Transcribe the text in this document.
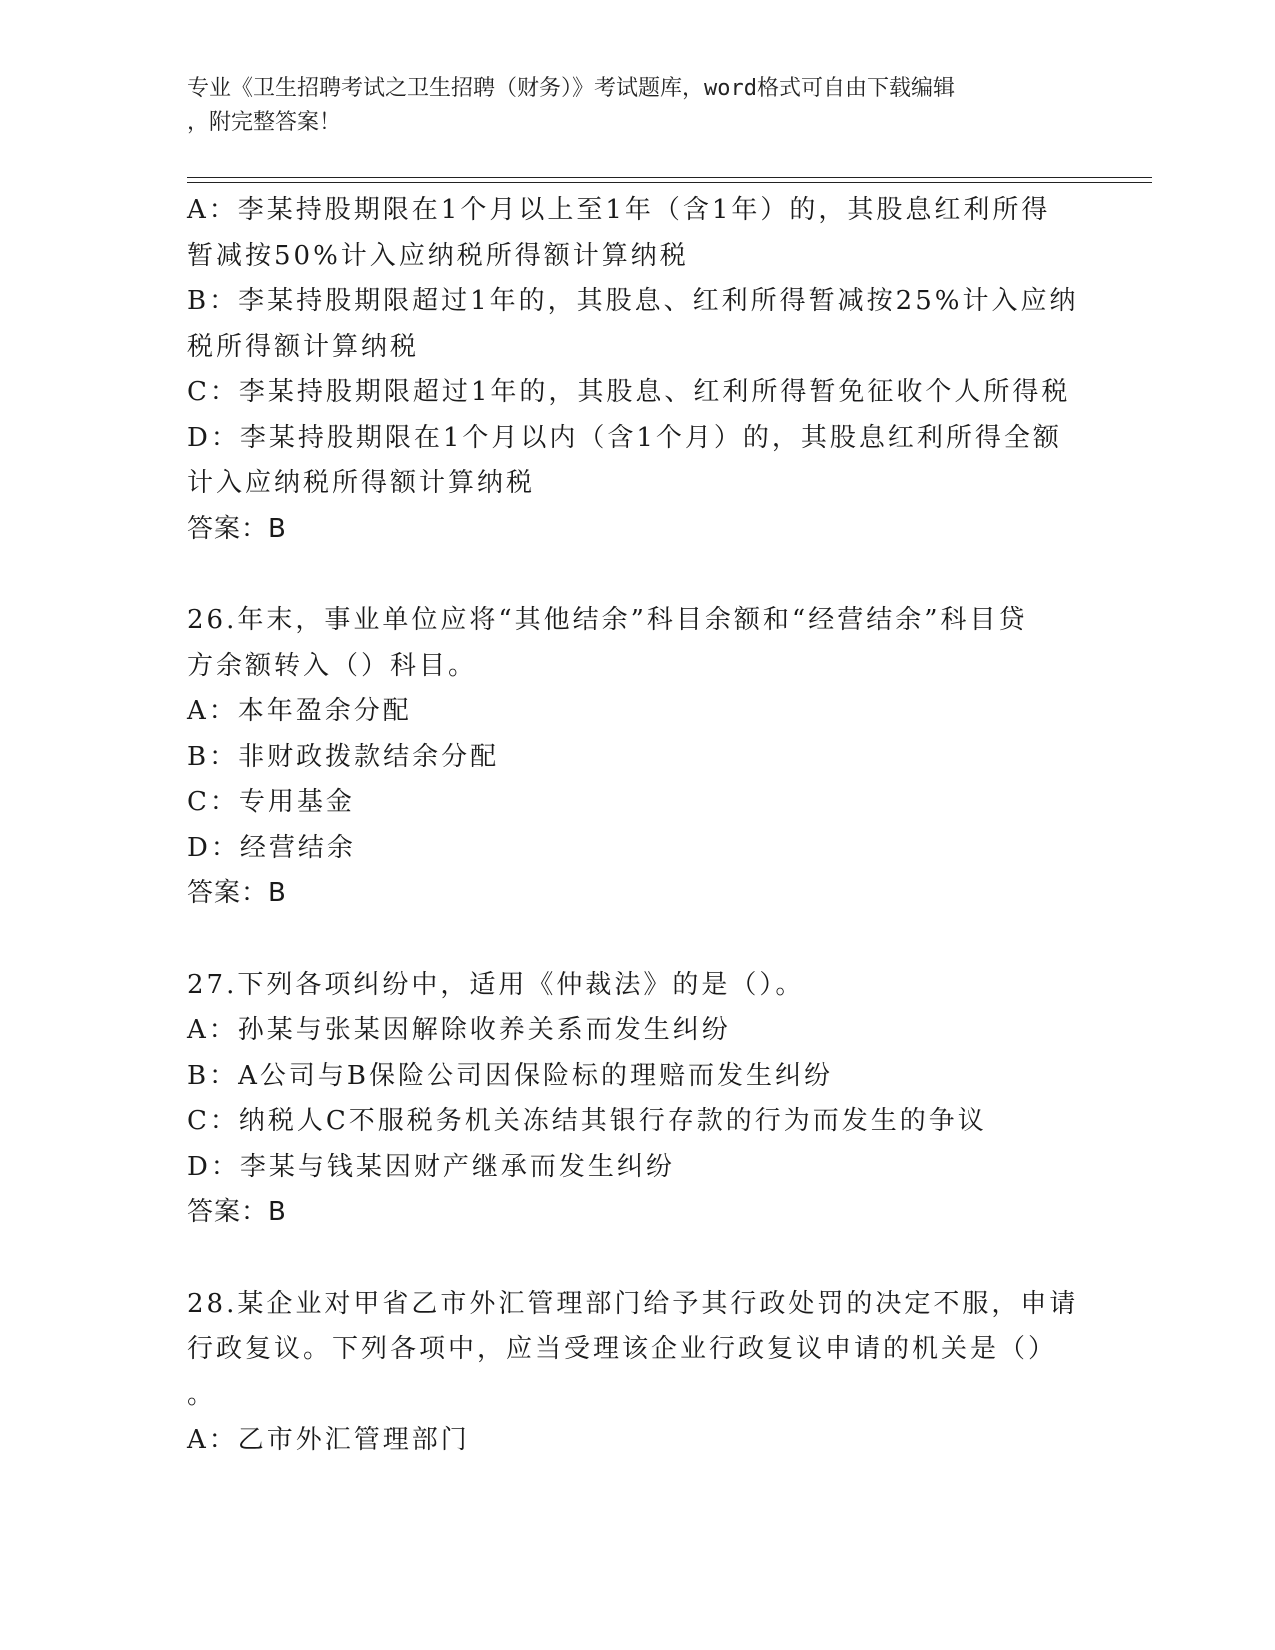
专业《卫生招聘考试之卫生招聘（财务）》考试题库，word格式可自由下载编辑
，附完整答案！

A：李某持股期限在1个月以上至1年（含1年）的，其股息红利所得

暂减按50%计入应纳税所得额计算纳税

B：李某持股期限超过1年的，其股息、红利所得暂减按25%计入应纳

税所得额计算纳税

C：李某持股期限超过1年的，其股息、红利所得暂免征收个人所得税

D：李某持股期限在1个月以内（含1个月）的，其股息红利所得全额

计入应纳税所得额计算纳税

答案：B

26.年末，事业单位应将“其他结余”科目余额和“经营结余”科目贷

方余额转入（）科目。

A：本年盈余分配

B：非财政拨款结余分配

C：专用基金

D：经营结余

答案：B

27.下列各项纠纷中，适用《仲裁法》的是（）。

A：孙某与张某因解除收养关系而发生纠纷

B：A公司与B保险公司因保险标的理赔而发生纠纷

C：纳税人C不服税务机关冻结其银行存款的行为而发生的争议

D：李某与钱某因财产继承而发生纠纷

答案：B

28.某企业对甲省乙市外汇管理部门给予其行政处罚的决定不服，申请

行政复议。下列各项中，应当受理该企业行政复议申请的机关是（）

。

A：乙市外汇管理部门
